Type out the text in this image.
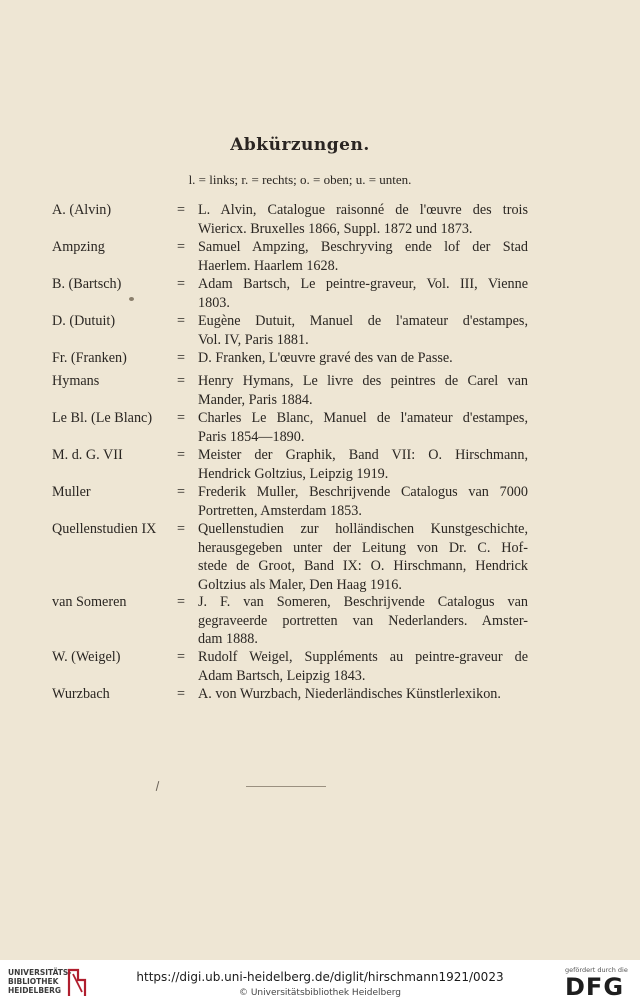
Abkürzungen.
l. = links; r. = rechts; o. = oben; u. = unten.
A. (Alvin)	= L. Alvin, Catalogue raisonné de l'œuvre des trois
Wiericx. Bruxelles 1866, Suppl. 1872 und 1873.
Ampzing	= Samuel Ampzing, Beschryving ende lof der Stad
Haerlem. Haarlem 1628.
B. (Bartsch)	= Adam Bartsch, Le peintre-graveur, Vol. III, Vienne
1803.
D. (Dutuit)	= Eugène Dutuit, Manuel de l'amateur d'estampes,
Vol. IV, Paris 1881.
Fr. (Franken)	= D. Franken, L'œuvre gravé des van de Passe.
Hymans	= Henry Hymans, Le livre des peintres de Carel van
Mander, Paris 1884.
Le Bl. (Le Blanc)	= Charles Le Blanc, Manuel de l'amateur d'estampes,
Paris 1854—1890.
M. d. G. VII	= Meister der Graphik, Band VII: O. Hirschmann,
Hendrick Goltzius, Leipzig 1919.
Muller	= Frederik Muller, Beschrijvende Catalogus van 7000
Portretten, Amsterdam 1853.
Quellenstudien IX	= Quellenstudien zur holländischen Kunstgeschichte,
herausgegeben unter der Leitung von Dr. C. Hof-
stede de Groot, Band IX: O. Hirschmann, Hendrick
Goltzius als Maler, Den Haag 1916.
van Someren	= J. F. van Someren, Beschrijvende Catalogus van
gegraveerde portretten van Nederlanders. Amster-
dam 1888.
W. (Weigel)	= Rudolf Weigel, Suppléments au peintre-graveur de
Adam Bartsch, Leipzig 1843.
Wurzbach	= A. von Wurzbach, Niederländisches Künstlerlexikon.
UNIVERSITÄTS-
BIBLIOTHEK
HEIDELBERG
https://digi.ub.uni-heidelberg.de/diglit/hirschmann1921/0023
© Universitätsbibliothek Heidelberg
gefördert durch die
DFG
